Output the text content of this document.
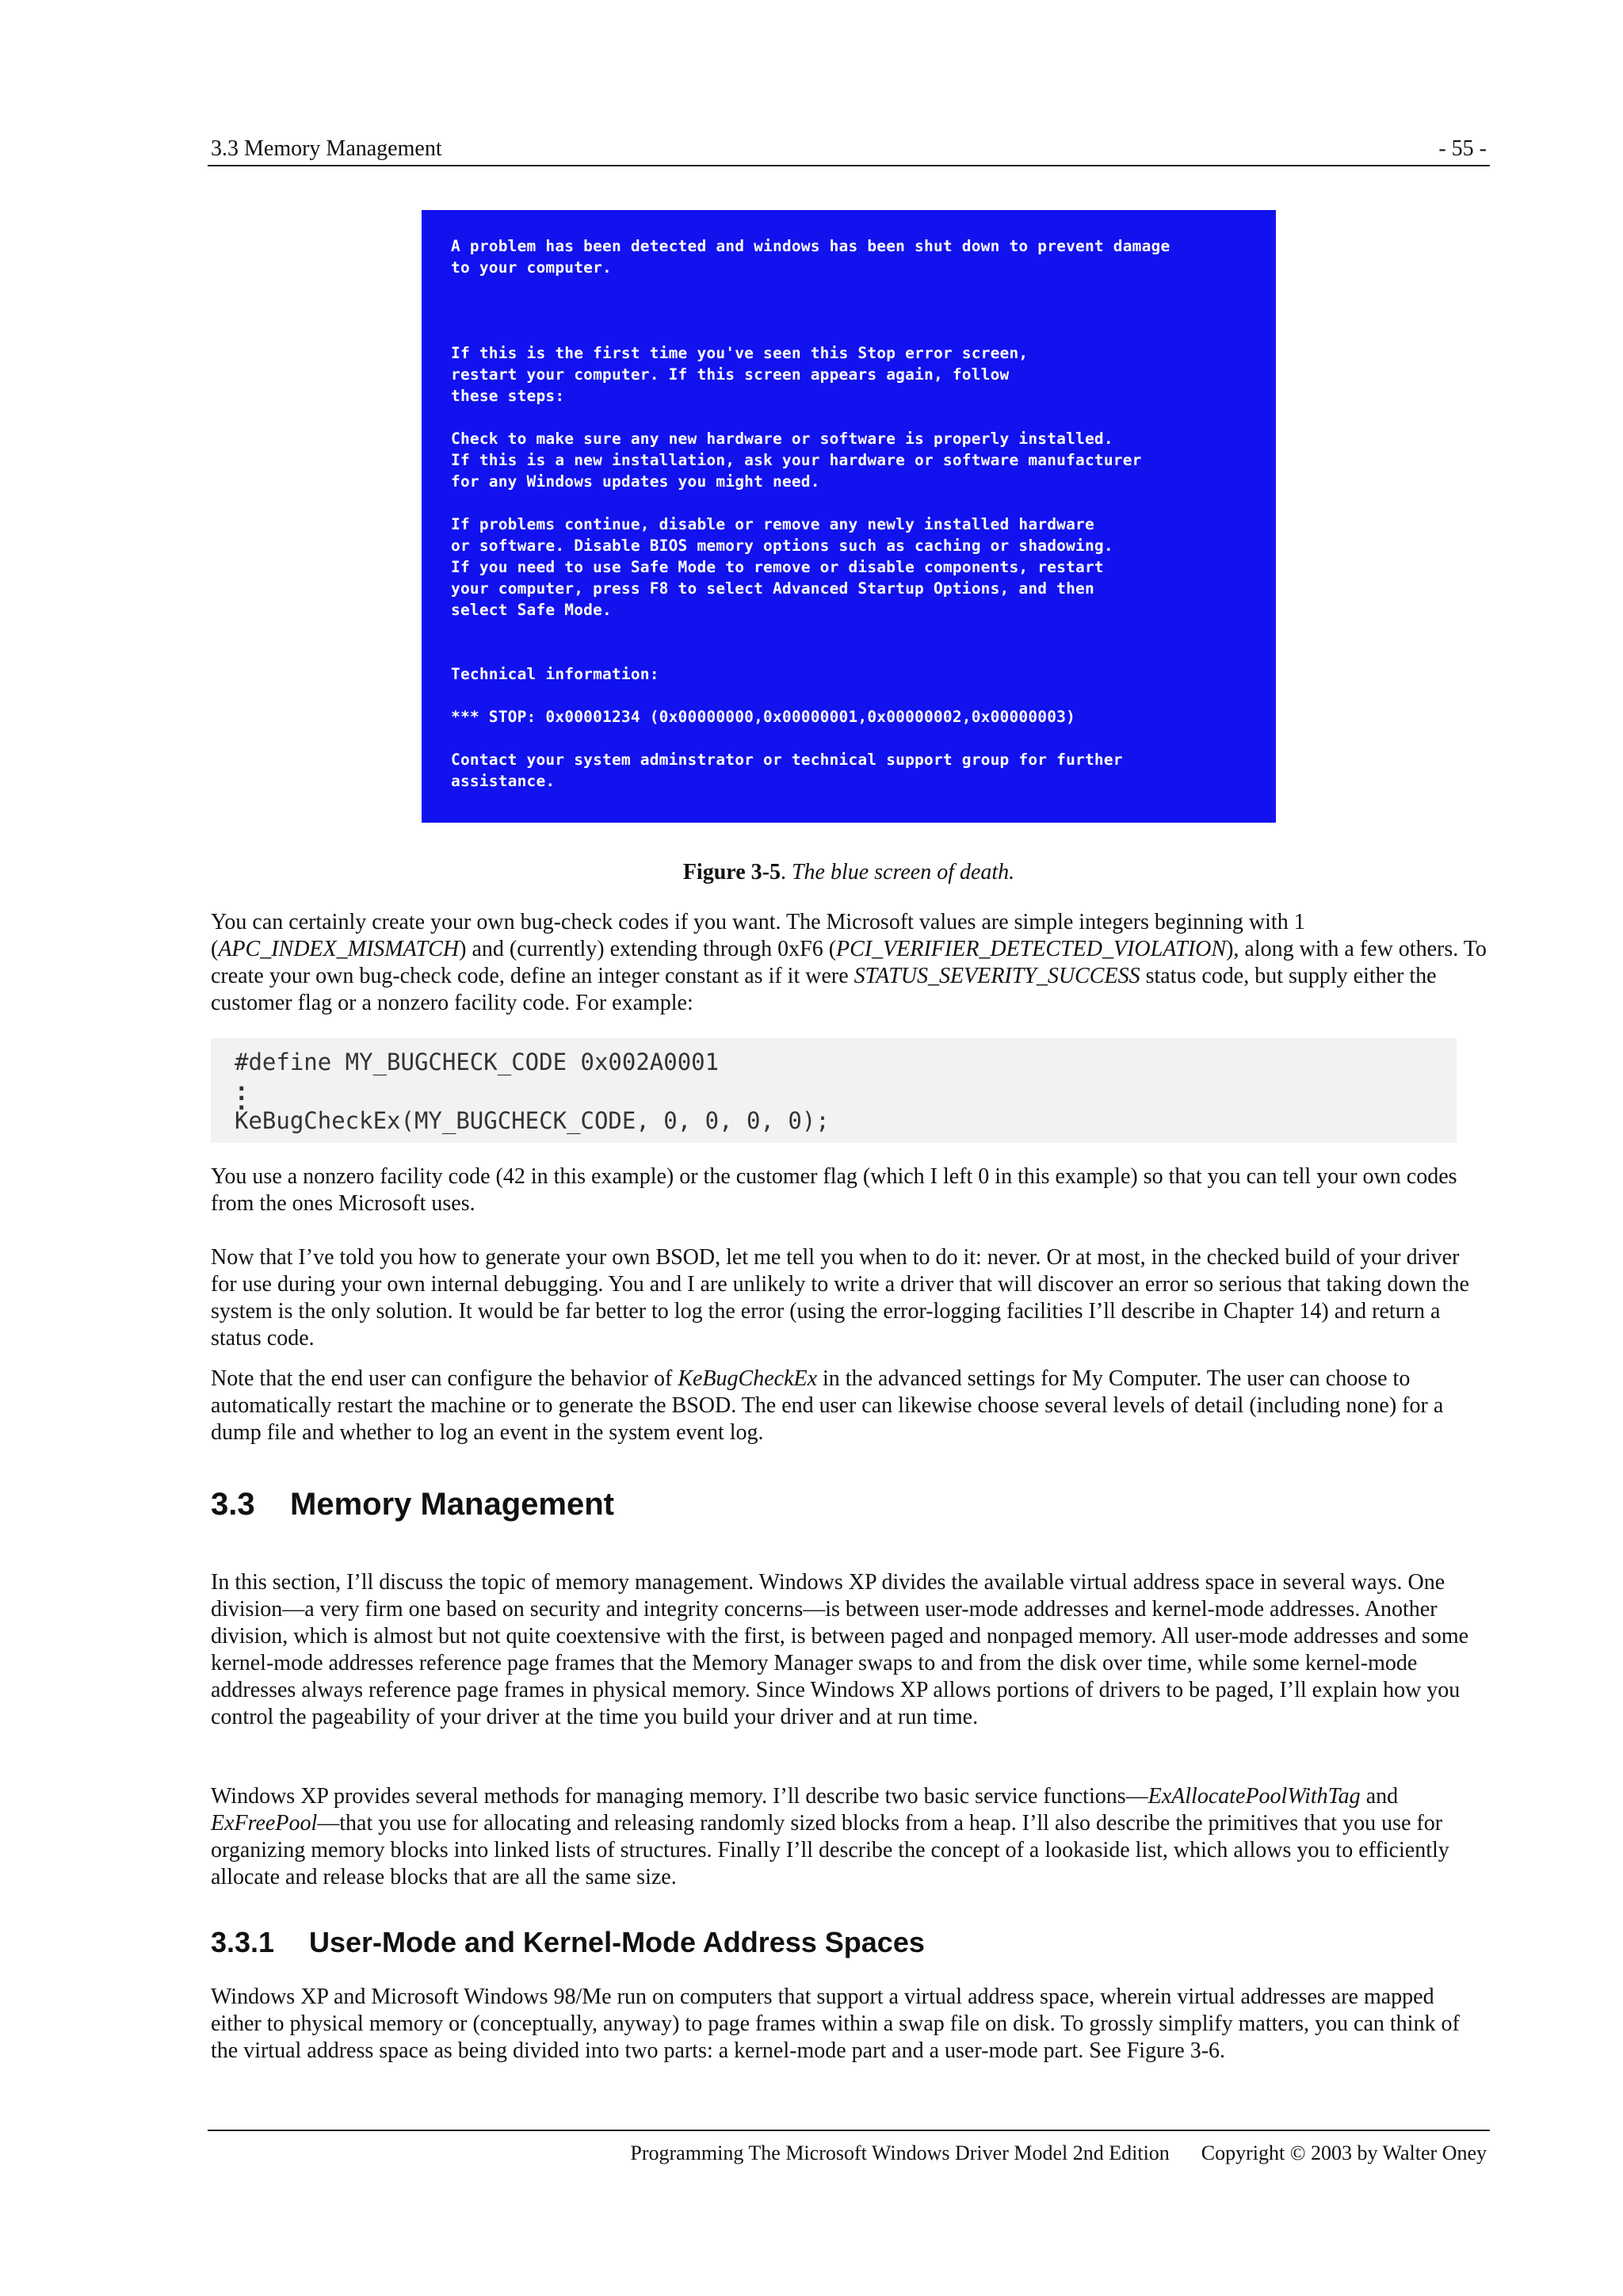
3.3 Memory Management	- 55 -

A problem has been detected and windows has been shut down to prevent damage

to your computer.

If this is the first time you've seen this Stop error screen,

restart your computer. If this screen appears again, follow

these steps:

Check to make sure any new hardware or software is properly installed.

If this is a new installation, ask your hardware or software manufacturer

for any Windows updates you might need.

If problems continue, disable or remove any newly installed hardware

or software. Disable BIOS memory options such as caching or shadowing.

If you need to use Safe Mode to remove or disable components, restart

your computer, press F8 to select Advanced Startup Options, and then

select Safe Mode.

Technical information:

*** STOP: 0x00001234 (0x00000000,0x00000001,0x00000002,0x00000003)

Contact your system adminstrator or technical support group for further

assistance.

Figure 3-5. The blue screen of death.

You can certainly create your own bug-check codes if you want. The Microsoft values are simple integers beginning with 1 (APC_INDEX_MISMATCH) and (currently) extending through 0xF6 (PCI_VERIFIER_DETECTED_VIOLATION), along with a few others. To create your own bug-check code, define an integer constant as if it were STATUS_SEVERITY_SUCCESS status code, but supply either the customer flag or a nonzero facility code. For example:

#define MY_BUGCHECK_CODE 0x002A0001
.
.
.
KeBugCheckEx(MY_BUGCHECK_CODE, 0, 0, 0, 0);

You use a nonzero facility code (42 in this example) or the customer flag (which I left 0 in this example) so that you can tell your own codes from the ones Microsoft uses.

Now that I’ve told you how to generate your own BSOD, let me tell you when to do it: never. Or at most, in the checked build of your driver for use during your own internal debugging. You and I are unlikely to write a driver that will discover an error so serious that taking down the system is the only solution. It would be far better to log the error (using the error-logging facilities I’ll describe in Chapter 14) and return a status code.

Note that the end user can configure the behavior of KeBugCheckEx in the advanced settings for My Computer. The user can choose to automatically restart the machine or to generate the BSOD. The end user can likewise choose several levels of detail (including none) for a dump file and whether to log an event in the system event log.

3.3 Memory Management

In this section, I’ll discuss the topic of memory management. Windows XP divides the available virtual address space in several ways. One division—a very firm one based on security and integrity concerns—is between user-mode addresses and kernel-mode addresses. Another division, which is almost but not quite coextensive with the first, is between paged and nonpaged memory. All user-mode addresses and some kernel-mode addresses reference page frames that the Memory Manager swaps to and from the disk over time, while some kernel-mode addresses always reference page frames in physical memory. Since Windows XP allows portions of drivers to be paged, I’ll explain how you control the pageability of your driver at the time you build your driver and at run time.

Windows XP provides several methods for managing memory. I’ll describe two basic service functions—ExAllocatePoolWithTag and ExFreePool—that you use for allocating and releasing randomly sized blocks from a heap. I’ll also describe the primitives that you use for organizing memory blocks into linked lists of structures. Finally I’ll describe the concept of a lookaside list, which allows you to efficiently allocate and release blocks that are all the same size.

3.3.1 User-Mode and Kernel-Mode Address Spaces

Windows XP and Microsoft Windows 98/Me run on computers that support a virtual address space, wherein virtual addresses are mapped either to physical memory or (conceptually, anyway) to page frames within a swap file on disk. To grossly simplify matters, you can think of the virtual address space as being divided into two parts: a kernel-mode part and a user-mode part. See Figure 3-6.

Programming The Microsoft Windows Driver Model 2nd Edition Copyright © 2003 by Walter Oney
